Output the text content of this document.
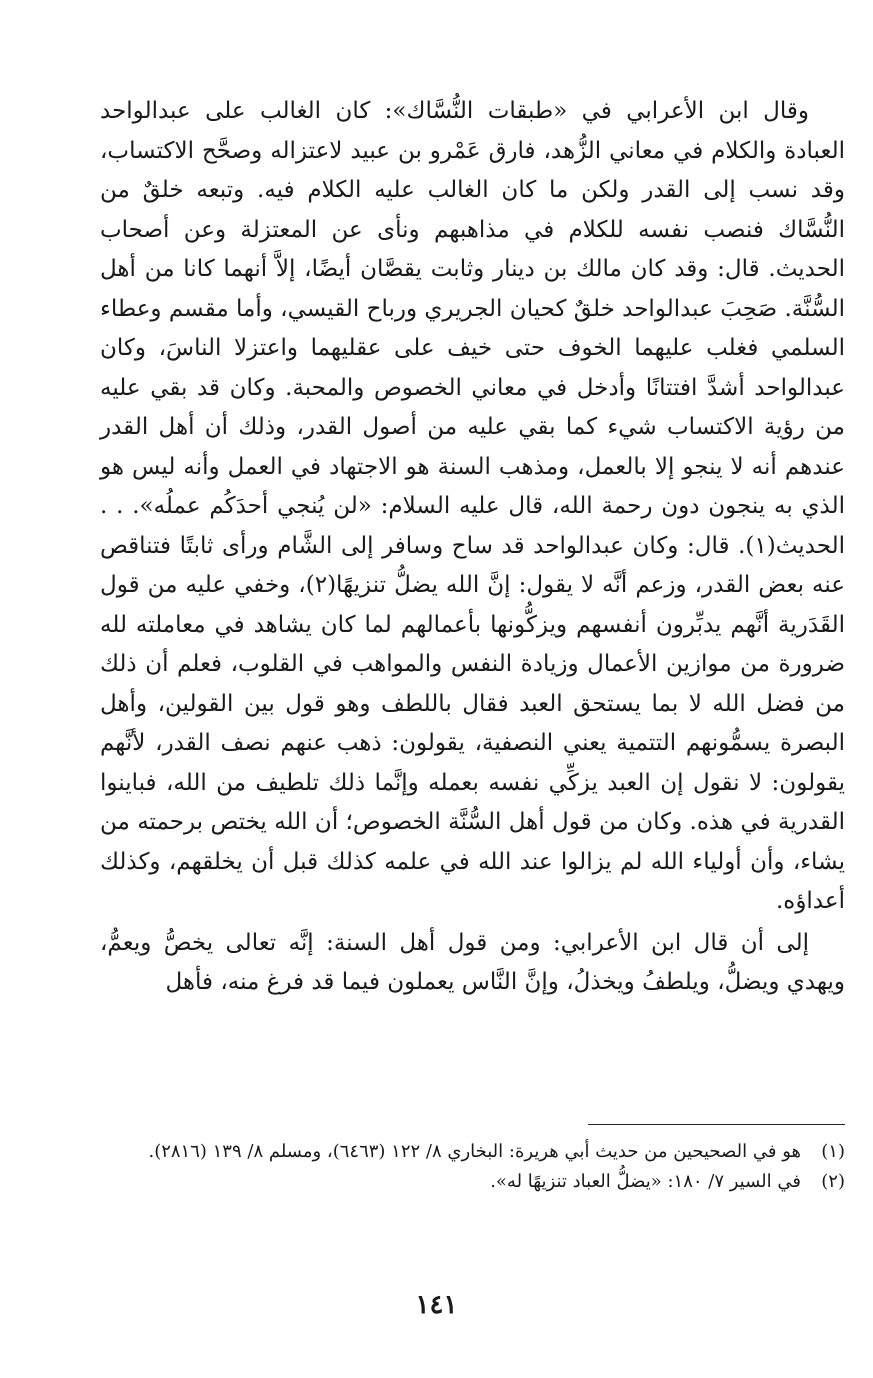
وقال ابن الأعرابي في «طبقات النُّسَّاك»: كان الغالب على عبدالواحد العبادة والكلام في معاني الزُّهد، فارق عَمْرو بن عبيد لاعتزاله وصحَّح الاكتساب، وقد نسب إلى القدر ولكن ما كان الغالب عليه الكلام فيه. وتبعه خلقٌ من النُّسَّاك فنصب نفسه للكلام في مذاهبهم ونأى عن المعتزلة وعن أصحاب الحديث. قال: وقد كان مالك بن دينار وثابت يقصَّان أيضًا، إلاَّ أنهما كانا من أهل السُّنَّة. صَحِبَ عبدالواحد خلقٌ كحيان الجريري ورباح القيسي، وأما مقسم وعطاء السلمي فغلب عليهما الخوف حتى خيف على عقليهما واعتزلا الناسَ، وكان عبدالواحد أشدَّ افتتانًا وأدخل في معاني الخصوص والمحبة. وكان قد بقي عليه من رؤية الاكتساب شيء كما بقي عليه من أصول القدر، وذلك أن أهل القدر عندهم أنه لا ينجو إلا بالعمل، ومذهب السنة هو الاجتهاد في العمل وأنه ليس هو الذي به ينجون دون رحمة الله، قال عليه السلام: «لن يُنجي أحدَكُم عملُه». . . الحديث(١). قال: وكان عبدالواحد قد ساح وسافر إلى الشَّام ورأى ثابتًا فتناقص عنه بعض القدر، وزعم أنَّه لا يقول: إنَّ الله يضلُّ تنزيهًا(٢)، وخفي عليه من قول القَدَرية أنَّهم يدبِّرون أنفسهم ويزكُّونها بأعمالهم لما كان يشاهد في معاملته لله ضرورة من موازين الأعمال وزيادة النفس والمواهب في القلوب، فعلم أن ذلك من فضل الله لا بما يستحق العبد فقال باللطف وهو قول بين القولين، وأهل البصرة يسمُّونهم التتمية يعني النصفية، يقولون: ذهب عنهم نصف القدر، لأنَّهم يقولون: لا نقول إن العبد يزكِّي نفسه بعمله وإنَّما ذلك تلطيف من الله، فباينوا القدرية في هذه. وكان من قول أهل السُّنَّة الخصوص؛ أن الله يختص برحمته من يشاء، وأن أولياء الله لم يزالوا عند الله في علمه كذلك قبل أن يخلقهم، وكذلك أعداؤه.

إلى أن قال ابن الأعرابي: ومن قول أهل السنة: إنَّه تعالى يخصُّ ويعمُّ، ويهدي ويضلُّ، ويلطفُ ويخذلُ، وإنَّ النَّاس يعملون فيما قد فرغ منه، فأهل

(١)
هو في الصحيحين من حديث أبي هريرة: البخاري ٨/ ١٢٢ (٦٤٦٣)، ومسلم ٨/ ١٣٩ (٢٨١٦).
(٢)
في السير ٧/ ١٨٠: «يضلُّ العباد تنزيهًا له».
١٤١
